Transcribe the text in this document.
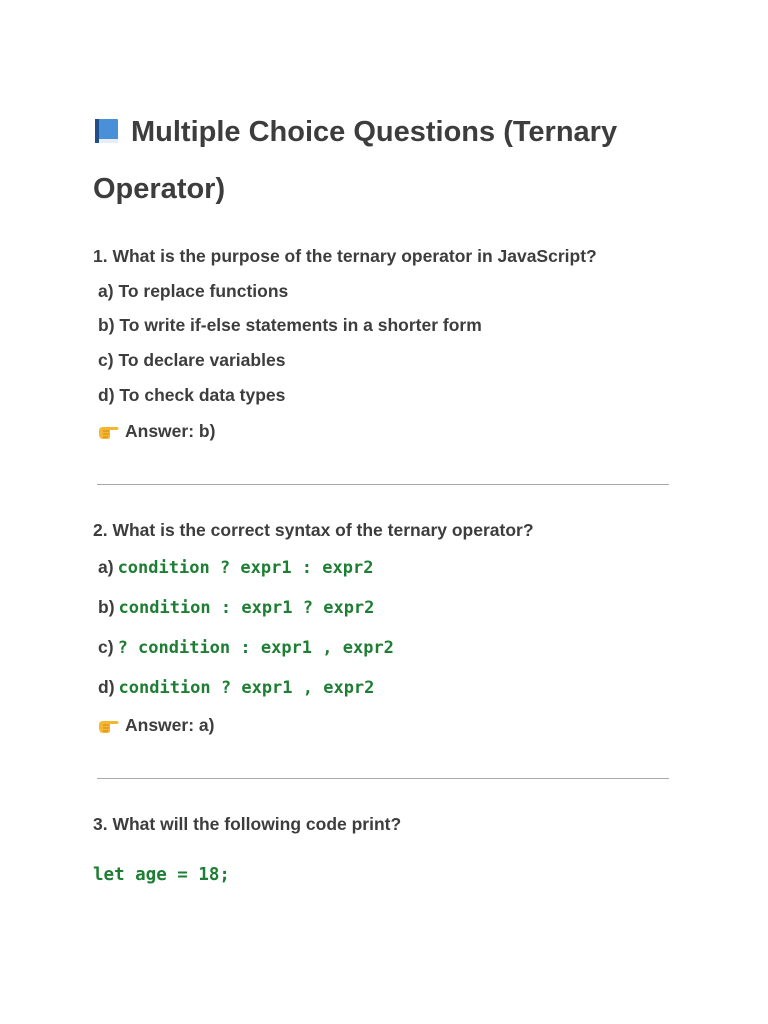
Multiple Choice Questions (Ternary Operator)

1. What is the purpose of the ternary operator in JavaScript?

a) To replace functions

b) To write if-else statements in a shorter form

c) To declare variables

d) To check data types

Answer: b)

2. What is the correct syntax of the ternary operator?

a) condition ? expr1 : expr2

b) condition : expr1 ? expr2

c) ? condition : expr1 , expr2

d) condition ? expr1 , expr2

Answer: a)

3. What will the following code print?

let age = 18;
